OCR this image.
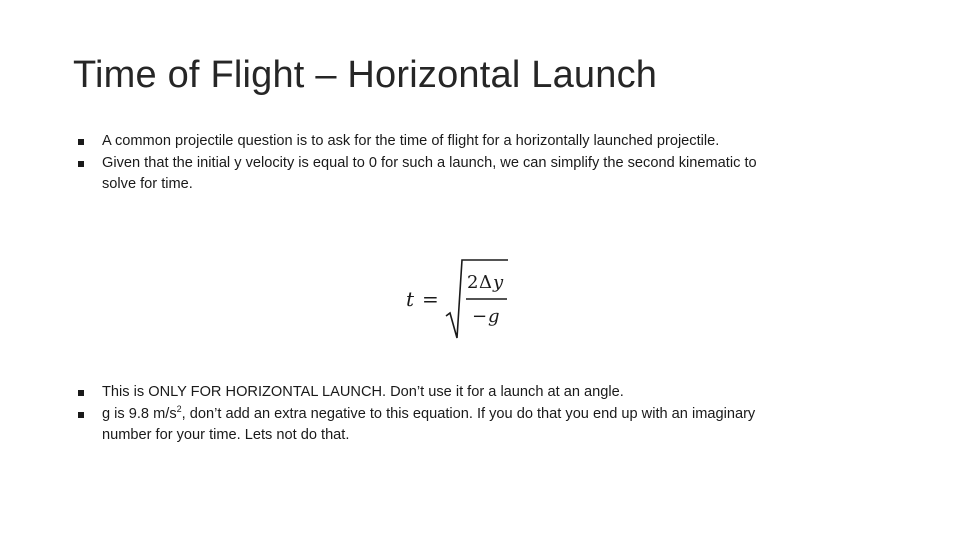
Time of Flight – Horizontal Launch
A common projectile question is to ask for the time of flight for a horizontally launched projectile.
Given that the initial y velocity is equal to 0 for such a launch, we can simplify the second kinematic to solve for time.
t =
2 Δ y
− g
This is ONLY FOR HORIZONTAL LAUNCH. Don’t use it for a launch at an angle.
g is 9.8 $m/s^2$, don’t add an extra negative to this equation. If you do that you end up with an imaginary number for your time. Lets not do that.
